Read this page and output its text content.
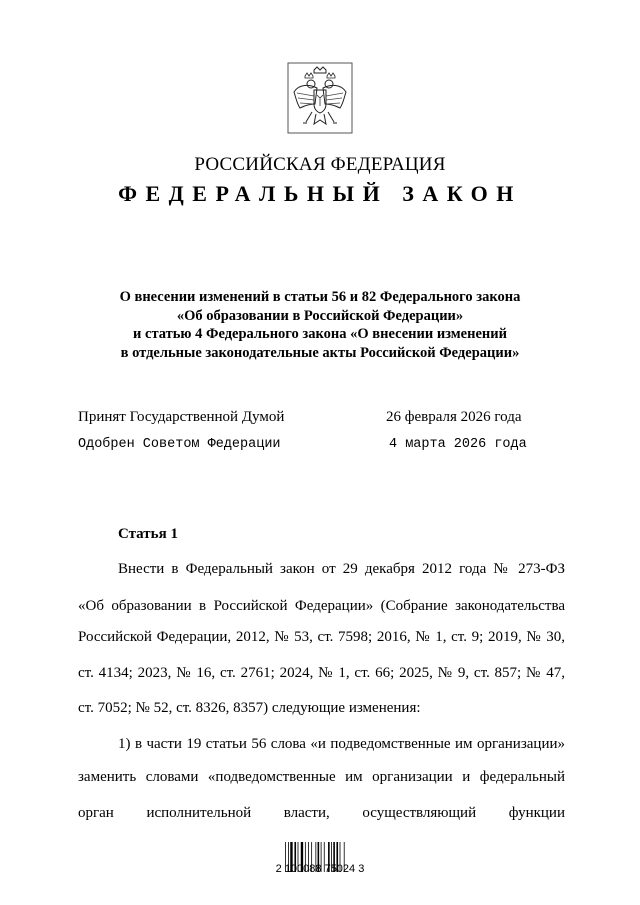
РОССИЙСКАЯ ФЕДЕРАЦИЯ
ФЕДЕРАЛЬНЫЙ ЗАКОН
О внесении изменений в статьи 56 и 82 Федерального закона
«Об образовании в Российской Федерации»
и статью 4 Федерального закона «О внесении изменений
в отдельные законодательные акты Российской Федерации»
Принят Государственной Думой	26 февраля 2026 года
Одобрен Советом Федерации	4 марта 2026 года
Статья 1
Внести в Федеральный закон от 29 декабря 2012 года № 273-ФЗ
«Об образовании в Российской Федерации» (Собрание законодательства
Российской Федерации, 2012, № 53, ст. 7598; 2016, № 1, ст. 9; 2019, № 30,
ст. 4134; 2023, № 16, ст. 2761; 2024, № 1, ст. 66; 2025, № 9, ст. 857; № 47,
ст. 7052; № 52, ст. 8326, 8357) следующие изменения:
1) в части 19 статьи 56 слова «и подведомственные им организации»
заменить словами «подведомственные им организации и федеральный
орган исполнительной власти, осуществляющий функции
2 100088 75024 3
